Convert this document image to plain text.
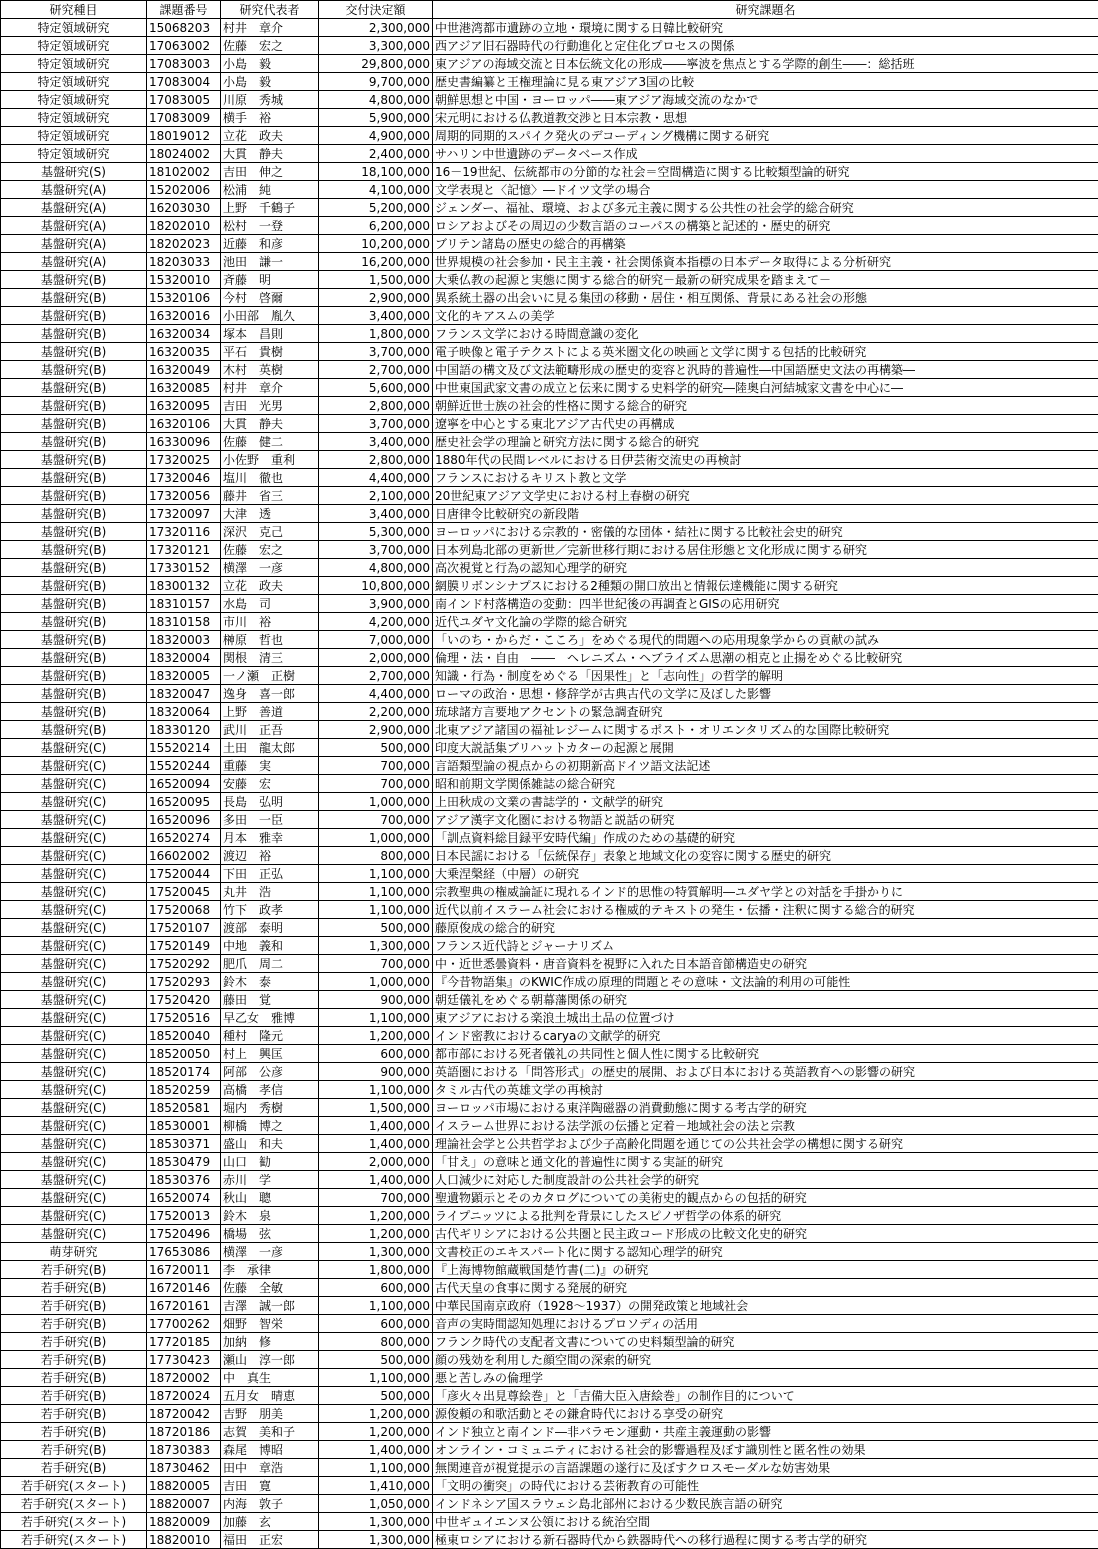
研究種目	課題番号	研究代表者	交付決定額	研究課題名
特定領域研究	15068203	村井　章介	2,300,000	中世港湾都市遺跡の立地・環境に関する日韓比較研究
特定領域研究	17063002	佐藤　宏之	3,300,000	西アジア旧石器時代の行動進化と定住化プロセスの関係
特定領域研究	17083003	小島　毅	29,800,000	東アジアの海域交流と日本伝統文化の形成――寧波を焦点とする学際的創生――：総括班
特定領域研究	17083004	小島　毅	9,700,000	歴史書編纂と王権理論に見る東アジア3国の比較
特定領域研究	17083005	川原　秀城	4,800,000	朝鮮思想と中国・ヨーロッパ――東アジア海域交流のなかで
特定領域研究	17083009	横手　裕	5,900,000	宋元明における仏教道教交渉と日本宗教・思想
特定領域研究	18019012	立花　政夫	4,900,000	周期的同期的スパイク発火のデコーディング機構に関する研究
特定領域研究	18024002	大貫　静夫	2,400,000	サハリン中世遺跡のデータベース作成
基盤研究(S)	18102002	吉田　伸之	18,100,000	16－19世紀、伝統都市の分節的な社会＝空間構造に関する比較類型論的研究
基盤研究(A)	15202006	松浦　純	4,100,000	文学表現と〈記憶〉―ドイツ文学の場合
基盤研究(A)	16203030	上野　千鶴子	5,200,000	ジェンダー、福祉、環境、および多元主義に関する公共性の社会学的総合研究
基盤研究(A)	18202010	松村　一登	6,200,000	ロシアおよびその周辺の少数言語のコーパスの構築と記述的・歴史的研究
基盤研究(A)	18202023	近藤　和彦	10,200,000	ブリテン諸島の歴史の総合的再構築
基盤研究(A)	18203033	池田　謙一	16,200,000	世界規模の社会参加・民主主義・社会関係資本指標の日本データ取得による分析研究
基盤研究(B)	15320010	斉藤　明	1,500,000	大乗仏教の起源と実態に関する総合的研究－最新の研究成果を踏まえて－
基盤研究(B)	15320106	今村　啓爾	2,900,000	異系統土器の出会いに見る集団の移動・居住・相互関係、背景にある社会の形態
基盤研究(B)	16320016	小田部　胤久	3,400,000	文化的キアスムの美学
基盤研究(B)	16320034	塚本　昌則	1,800,000	フランス文学における時間意識の変化
基盤研究(B)	16320035	平石　貴樹	3,700,000	電子映像と電子テクストによる英米圏文化の映画と文学に関する包括的比較研究
基盤研究(B)	16320049	木村　英樹	2,700,000	中国語の構文及び文法範疇形成の歴史的変容と汎時的普遍性―中国語歴史文法の再構築―
基盤研究(B)	16320085	村井　章介	5,600,000	中世東国武家文書の成立と伝来に関する史料学的研究―陸奥白河結城家文書を中心に―
基盤研究(B)	16320095	吉田　光男	2,800,000	朝鮮近世士族の社会的性格に関する総合的研究
基盤研究(B)	16320106	大貫　静夫	3,700,000	遼寧を中心とする東北アジア古代史の再構成
基盤研究(B)	16330096	佐藤　健二	3,400,000	歴史社会学の理論と研究方法に関する総合的研究
基盤研究(B)	17320025	小佐野　重利	2,800,000	1880年代の民間レベルにおける日伊芸術交流史の再検討
基盤研究(B)	17320046	塩川　徹也	4,400,000	フランスにおけるキリスト教と文学
基盤研究(B)	17320056	藤井　省三	2,100,000	20世紀東アジア文学史における村上春樹の研究
基盤研究(B)	17320097	大津　透	3,400,000	日唐律令比較研究の新段階
基盤研究(B)	17320116	深沢　克己	5,300,000	ヨーロッパにおける宗教的・密儀的な団体・結社に関する比較社会史的研究
基盤研究(B)	17320121	佐藤　宏之	3,700,000	日本列島北部の更新世／完新世移行期における居住形態と文化形成に関する研究
基盤研究(B)	17330152	横澤　一彦	4,800,000	高次視覚と行為の認知心理学的研究
基盤研究(B)	18300132	立花　政夫	10,800,000	網膜リボンシナプスにおける2種類の開口放出と情報伝達機能に関する研究
基盤研究(B)	18310157	水島　司	3,900,000	南インド村落構造の変動：四半世紀後の再調査とGISの応用研究
基盤研究(B)	18310158	市川　裕	4,200,000	近代ユダヤ文化論の学際的総合研究
基盤研究(B)	18320003	榊原　哲也	7,000,000	「いのち・からだ・こころ」をめぐる現代的問題への応用現象学からの貢献の試み
基盤研究(B)	18320004	関根　清三	2,000,000	倫理・法・自由　――　ヘレニズム・ヘブライズム思潮の相克と止揚をめぐる比較研究
基盤研究(B)	18320005	一ノ瀬　正樹	2,700,000	知識・行為・制度をめぐる「因果性」と「志向性」の哲学的解明
基盤研究(B)	18320047	逸身　喜一郎	4,400,000	ローマの政治・思想・修辞学が古典古代の文学に及ぼした影響
基盤研究(B)	18320064	上野　善道	2,200,000	琉球諸方言要地アクセントの緊急調査研究
基盤研究(B)	18330120	武川　正吾	2,900,000	北東アジア諸国の福祉レジームに関するポスト・オリエンタリズム的な国際比較研究
基盤研究(C)	15520214	土田　龍太郎	500,000	印度大説話集ブリハットカターの起源と展開
基盤研究(C)	15520244	重藤　実	700,000	言語類型論の視点からの初期新高ドイツ語文法記述
基盤研究(C)	16520094	安藤　宏	700,000	昭和前期文学関係雑誌の総合研究
基盤研究(C)	16520095	長島　弘明	1,000,000	上田秋成の文業の書誌学的・文献学的研究
基盤研究(C)	16520096	多田　一臣	700,000	アジア漢字文化圏における物語と説話の研究
基盤研究(C)	16520274	月本　雅幸	1,000,000	「訓点資料総目録平安時代編」作成のための基礎的研究
基盤研究(C)	16602002	渡辺　裕	800,000	日本民謡における「伝統保存」表象と地域文化の変容に関する歴史的研究
基盤研究(C)	17520044	下田　正弘	1,100,000	大乗涅槃経（中層）の研究
基盤研究(C)	17520045	丸井　浩	1,100,000	宗教聖典の権威論証に現れるインド的思惟の特質解明―ユダヤ学との対話を手掛かりに
基盤研究(C)	17520068	竹下　政孝	1,100,000	近代以前イスラーム社会における権威的テキストの発生・伝播・注釈に関する総合的研究
基盤研究(C)	17520107	渡部　泰明	500,000	藤原俊成の総合的研究
基盤研究(C)	17520149	中地　義和	1,300,000	フランス近代詩とジャーナリズム
基盤研究(C)	17520292	肥爪　周二	700,000	中・近世悉曇資料・唐音資料を視野に入れた日本語音節構造史の研究
基盤研究(C)	17520293	鈴木　泰	1,000,000	『今昔物語集』のKWIC作成の原理的問題とその意味・文法論的利用の可能性
基盤研究(C)	17520420	藤田　覚	900,000	朝廷儀礼をめぐる朝幕藩関係の研究
基盤研究(C)	17520516	早乙女　雅博	1,100,000	東アジアにおける楽浪土城出土品の位置づけ
基盤研究(C)	18520040	種村　隆元	1,200,000	インド密教におけるcaryaの文献学的研究
基盤研究(C)	18520050	村上　興匡	600,000	都市部における死者儀礼の共同性と個人性に関する比較研究
基盤研究(C)	18520174	阿部　公彦	900,000	英語圏における「問答形式」の歴史的展開、および日本における英語教育への影響の研究
基盤研究(C)	18520259	高橋　孝信	1,100,000	タミル古代の英雄文学の再検討
基盤研究(C)	18520581	堀内　秀樹	1,500,000	ヨーロッパ市場における東洋陶磁器の消費動態に関する考古学的研究
基盤研究(C)	18530001	柳橋　博之	1,400,000	イスラーム世界における法学派の伝播と定着－地域社会の法と宗教
基盤研究(C)	18530371	盛山　和夫	1,400,000	理論社会学と公共哲学および少子高齢化問題を通じての公共社会学の構想に関する研究
基盤研究(C)	18530479	山口　勧	2,000,000	「甘え」の意味と通文化的普遍性に関する実証的研究
基盤研究(C)	18530376	赤川　学	1,400,000	人口減少に対応した制度設計の公共社会学的研究
基盤研究(C)	16520074	秋山　聰	700,000	聖遺物顕示とそのカタログについての美術史的観点からの包括的研究
基盤研究(C)	17520013	鈴木　泉	1,200,000	ライプニッツによる批判を背景にしたスピノザ哲学の体系的研究
基盤研究(C)	17520496	橋場　弦	1,200,000	古代ギリシアにおける公共圏と民主政コード形成の比較文化史的研究
萌芽研究	17653086	横澤　一彦	1,300,000	文書校正のエキスパート化に関する認知心理学的研究
若手研究(B)	16720011	李　承律	1,800,000	『上海博物館蔵戦国楚竹書(二)』の研究
若手研究(B)	16720146	佐藤　全敏	600,000	古代天皇の食事に関する発展的研究
若手研究(B)	16720161	吉澤　誠一郎	1,100,000	中華民国南京政府（1928～1937）の開発政策と地域社会
若手研究(B)	17700262	畑野　智栄	600,000	音声の実時間認知処理におけるプロソディの活用
若手研究(B)	17720185	加納　修	800,000	フランク時代の支配者文書についての史料類型論的研究
若手研究(B)	17730423	瀬山　淳一郎	500,000	顔の残効を利用した顔空間の深索的研究
若手研究(B)	18720002	中　真生	1,100,000	悪と苦しみの倫理学
若手研究(B)	18720024	五月女　晴恵	500,000	「彦火々出見尊絵巻」と「吉備大臣入唐絵巻」の制作目的について
若手研究(B)	18720042	吉野　朋美	1,200,000	源俊頼の和歌活動とその鎌倉時代における享受の研究
若手研究(B)	18720186	志賀　美和子	1,200,000	インド独立と南インド―非バラモン運動・共産主義運動の影響
若手研究(B)	18730383	森尾　博昭	1,400,000	オンライン・コミュニティにおける社会的影響過程及ぼす識別性と匿名性の効果
若手研究(B)	18730462	田中　章浩	1,100,000	無関連音が視覚提示の言語課題の遂行に及ぼすクロスモーダルな妨害効果
若手研究(スタート)	18820005	吉田　寛	1,410,000	「文明の衝突」の時代における芸術教育の可能性
若手研究(スタート)	18820007	内海　敦子	1,050,000	インドネシア国スラウェシ島北部州における少数民族言語の研究
若手研究(スタート)	18820009	加藤　玄	1,300,000	中世ギュイエンヌ公領における統治空間
若手研究(スタート)	18820010	福田　正宏	1,300,000	極東ロシアにおける新石器時代から鉄器時代への移行過程に関する考古学的研究
